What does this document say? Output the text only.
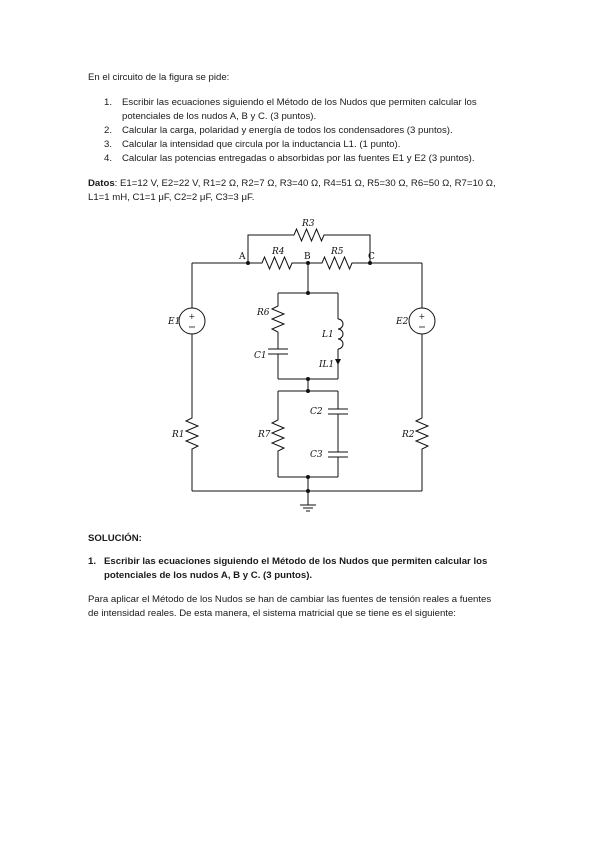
En el circuito de la figura se pide:
1. Escribir las ecuaciones siguiendo el Método de los Nudos que permiten calcular los
potenciales de los nudos A, B y C. (3 puntos).
2. Calcular la carga, polaridad y energía de todos los condensadores (3 puntos).
3. Calcular la intensidad que circula por la inductancia L1. (1 punto).
4. Calcular las potencias entregadas o absorbidas por las fuentes E1 y E2 (3 puntos).
Datos: E1=12 V, E2=22 V, R1=2 Ω, R2=7 Ω, R3=40 Ω, R4=51 Ω, R5=30 Ω, R6=50 Ω, R7=10 Ω,
L1=1 mH, C1=1 μF, C2=2 μF, C3=3 μF.
+	+
A	B	C
R3
R4	R5
R6
C1
L1
IL1
C2
C3
R7
R1	R2
E1	E2
SOLUCIÓN:
1. Escribir las ecuaciones siguiendo el Método de los Nudos que permiten calcular los
potenciales de los nudos A, B y C. (3 puntos).
Para aplicar el Método de los Nudos se han de cambiar las fuentes de tensión reales a fuentes
de intensidad reales. De esta manera, el sistema matricial que se tiene es el siguiente:
